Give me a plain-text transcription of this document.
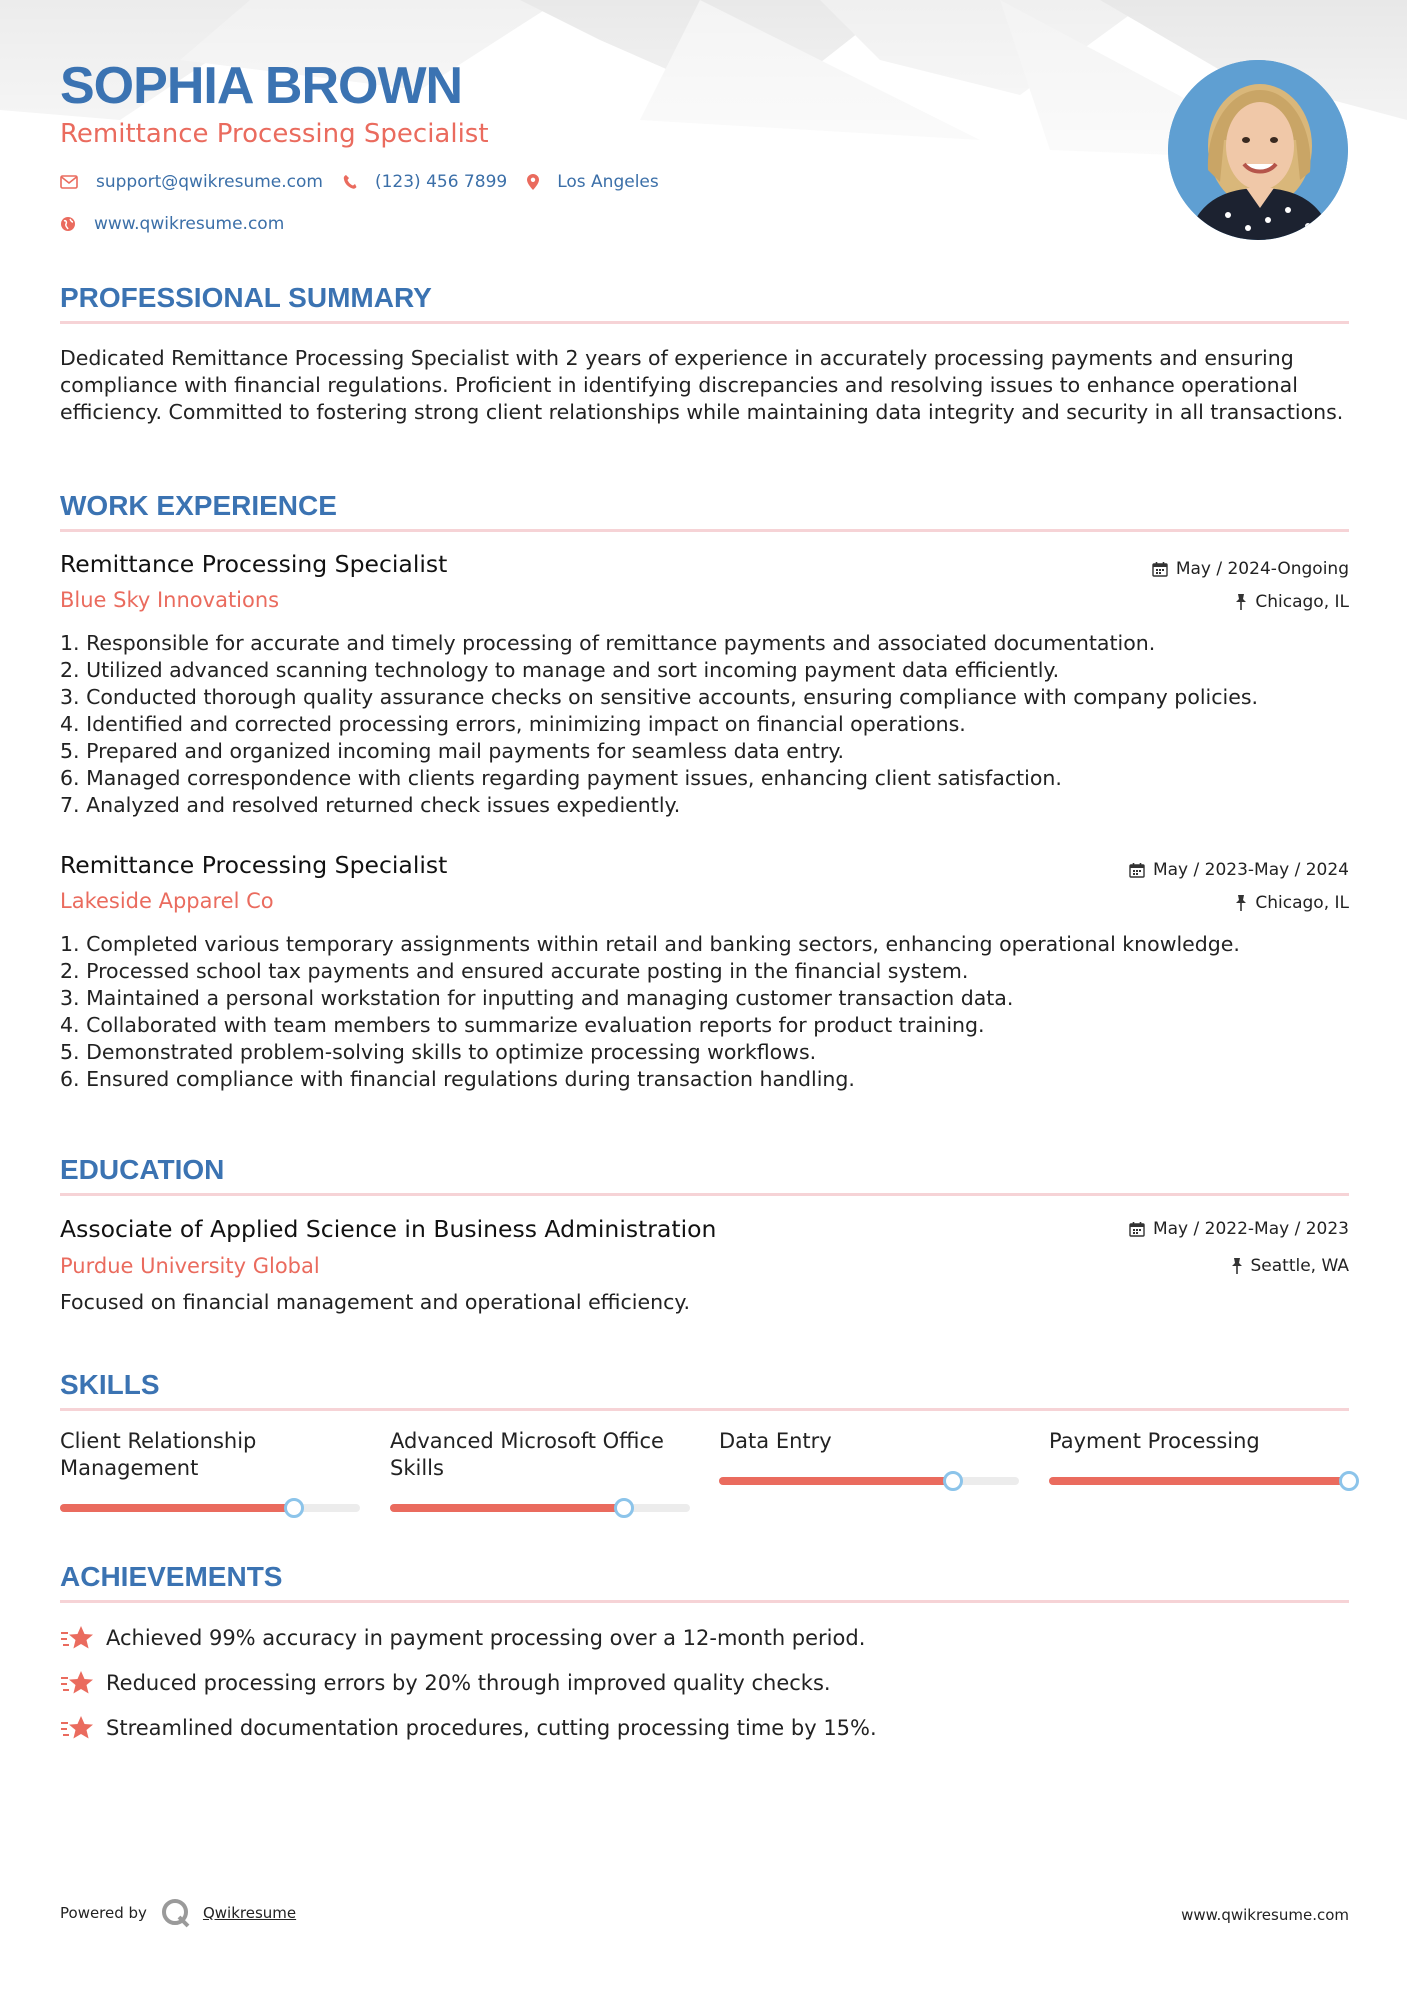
SOPHIA BROWN
Remittance Processing Specialist
support@qwikresume.com	(123) 456 7899	Los Angeles
www.qwikresume.com
PROFESSIONAL SUMMARY
Dedicated Remittance Processing Specialist with 2 years of experience in accurately processing payments and ensuring compliance with financial regulations. Proficient in identifying discrepancies and resolving issues to enhance operational efficiency. Committed to fostering strong client relationships while maintaining data integrity and security in all transactions.
WORK EXPERIENCE
Remittance Processing Specialist	May / 2024-Ongoing
Blue Sky Innovations	Chicago, IL
1. Responsible for accurate and timely processing of remittance payments and associated documentation.
2. Utilized advanced scanning technology to manage and sort incoming payment data efficiently.
3. Conducted thorough quality assurance checks on sensitive accounts, ensuring compliance with company policies.
4. Identified and corrected processing errors, minimizing impact on financial operations.
5. Prepared and organized incoming mail payments for seamless data entry.
6. Managed correspondence with clients regarding payment issues, enhancing client satisfaction.
7. Analyzed and resolved returned check issues expediently.
Remittance Processing Specialist	May / 2023-May / 2024
Lakeside Apparel Co	Chicago, IL
1. Completed various temporary assignments within retail and banking sectors, enhancing operational knowledge.
2. Processed school tax payments and ensured accurate posting in the financial system.
3. Maintained a personal workstation for inputting and managing customer transaction data.
4. Collaborated with team members to summarize evaluation reports for product training.
5. Demonstrated problem-solving skills to optimize processing workflows.
6. Ensured compliance with financial regulations during transaction handling.
EDUCATION
Associate of Applied Science in Business Administration	May / 2022-May / 2023
Purdue University Global	Seattle, WA
Focused on financial management and operational efficiency.
SKILLS
Client Relationship Management
Advanced Microsoft Office Skills
Data Entry	Payment Processing
ACHIEVEMENTS
Achieved 99% accuracy in payment processing over a 12-month period.
Reduced processing errors by 20% through improved quality checks.
Streamlined documentation procedures, cutting processing time by 15%.
Powered by	Qwikresume	www.qwikresume.com
